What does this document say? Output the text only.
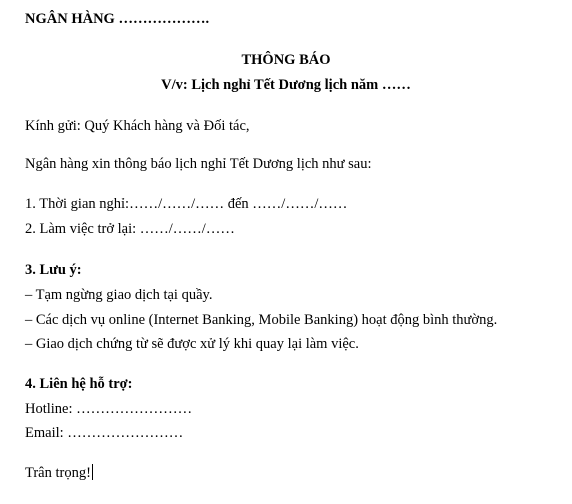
NGÂN HÀNG ……………….
THÔNG BÁO
V/v: Lịch nghỉ Tết Dương lịch năm ……
Kính gửi: Quý Khách hàng và Đối tác,
Ngân hàng xin thông báo lịch nghỉ Tết Dương lịch như sau:
1. Thời gian nghỉ:……/……/…… đến ……/……/……
2. Làm việc trở lại: ……/……/……
3. Lưu ý:
– Tạm ngừng giao dịch tại quầy.
– Các dịch vụ online (Internet Banking, Mobile Banking) hoạt động bình thường.
– Giao dịch chứng từ sẽ được xử lý khi quay lại làm việc.
4. Liên hệ hỗ trợ:
Hotline: ……………………
Email: ……………………
Trân trọng!
